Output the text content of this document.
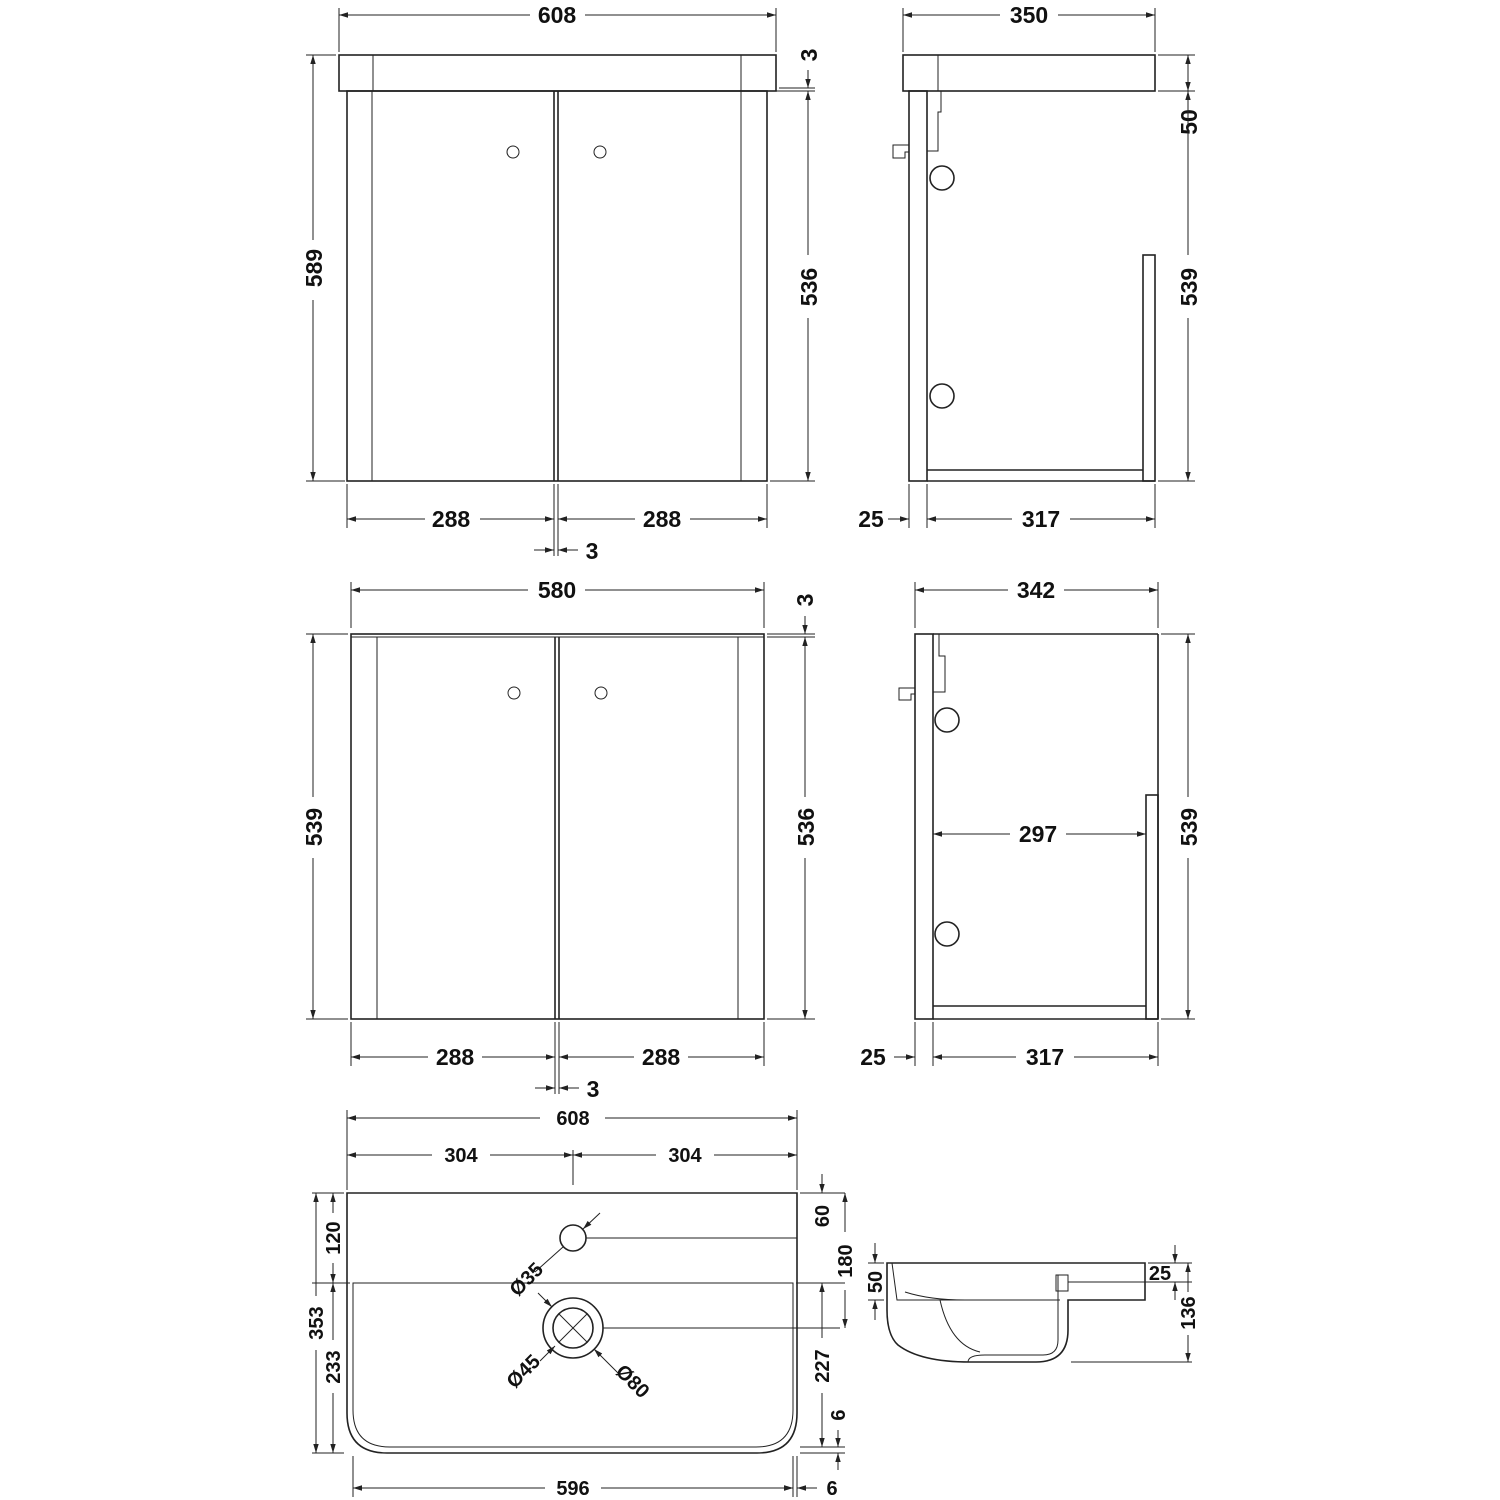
608
589	536
3
288	288
3
350
50
539
25	317
580	3
539	536
288	288
3
342
297	539
25	317
Ø35
Ø45	Ø80
608
304	304
120
353
233
60
180
227
6
596	6
50	25
136
